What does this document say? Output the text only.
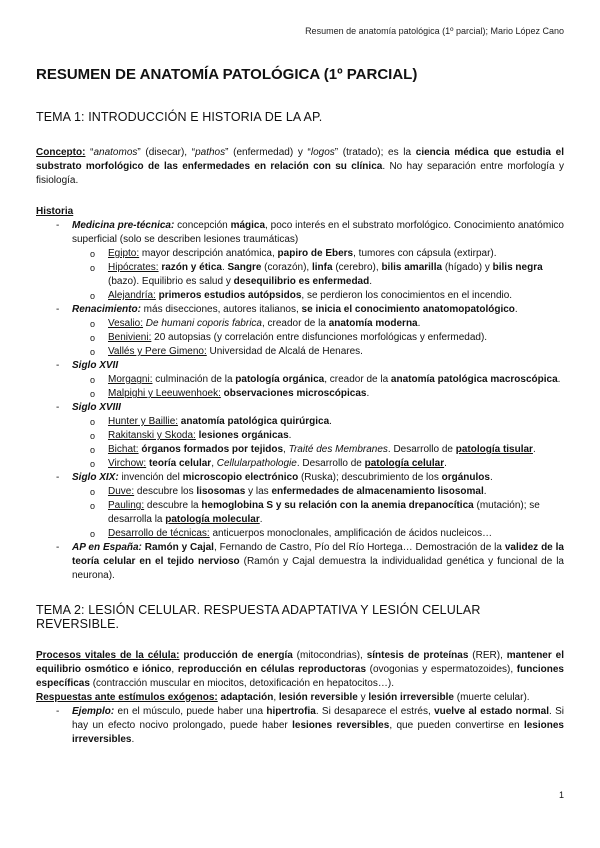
Resumen de anatomía patológica (1º parcial); Mario López Cano
RESUMEN DE ANATOMÍA PATOLÓGICA (1º PARCIAL)
TEMA 1: INTRODUCCIÓN E HISTORIA DE LA AP.

Concepto: “anatomos” (disecar), “pathos” (enfermedad) y “logos” (tratado); es la ciencia médica que estudia el substrato morfológico de las enfermedades en relación con su clínica. No hay separación entre morfología y fisiología.

Historia

- Medicina pre-técnica: concepción mágica, poco interés en el substrato morfológico. Conocimiento anatómico superficial (solo se describen lesiones traumáticas)
o Egipto: mayor descripción anatómica, papiro de Ebers, tumores con cápsula (extirpar).
o Hipócrates: razón y ética. Sangre (corazón), linfa (cerebro), bilis amarilla (hígado) y bilis negra (bazo). Equilibrio es salud y desequilibrio es enfermedad.
o Alejandría: primeros estudios autópsidos, se perdieron los conocimientos en el incendio.
- Renacimiento: más disecciones, autores italianos, se inicia el conocimiento anatomopatológico.
o Vesalio: De humani coporis fabrica, creador de la anatomía moderna.
o Benivieni: 20 autopsias (y correlación entre disfunciones morfológicas y enfermedad).
o Vallés y Pere Gimeno: Universidad de Alcalá de Henares.
- Siglo XVII
o Morgagni: culminación de la patología orgánica, creador de la anatomía patológica macroscópica.
o Malpighi y Leeuwenhoek: observaciones microscópicas.
- Siglo XVIII
o Hunter y Baillie: anatomía patológica quirúrgica.
o Rakitanski y Skoda: lesiones orgánicas.
o Bichat: órganos formados por tejidos, Traité des Membranes. Desarrollo de patología tisular.
o Virchow: teoría celular, Cellularpathologie. Desarrollo de patología celular.
- Siglo XIX: invención del microscopio electrónico (Ruska); descubrimiento de los orgánulos.
o Duve: descubre los lisosomas y las enfermedades de almacenamiento lisosomal.
o Pauling: descubre la hemoglobina S y su relación con la anemia drepanocítica (mutación); se desarrolla la patología molecular.
o Desarrollo de técnicas: anticuerpos monoclonales, amplificación de ácidos nucleicos…
- AP en España: Ramón y Cajal, Fernando de Castro, Pío del Río Hortega… Demostración de la validez de la teoría celular en el tejido nervioso (Ramón y Cajal demuestra la individualidad genética y funcional de la neurona).
TEMA 2: LESIÓN CELULAR. RESPUESTA ADAPTATIVA Y LESIÓN CELULAR REVERSIBLE.

Procesos vitales de la célula: producción de energía (mitocondrias), síntesis de proteínas (RER), mantener el equilibrio osmótico e iónico, reproducción en células reproductoras (ovogonias y espermatozoides), funciones específicas (contracción muscular en miocitos, detoxificación en hepatocitos…).

Respuestas ante estímulos exógenos: adaptación, lesión reversible y lesión irreversible (muerte celular).

- Ejemplo: en el músculo, puede haber una hipertrofia. Si desaparece el estrés, vuelve al estado normal. Si hay un efecto nocivo prolongado, puede haber lesiones reversibles, que pueden convertirse en lesiones irreversibles.
1
